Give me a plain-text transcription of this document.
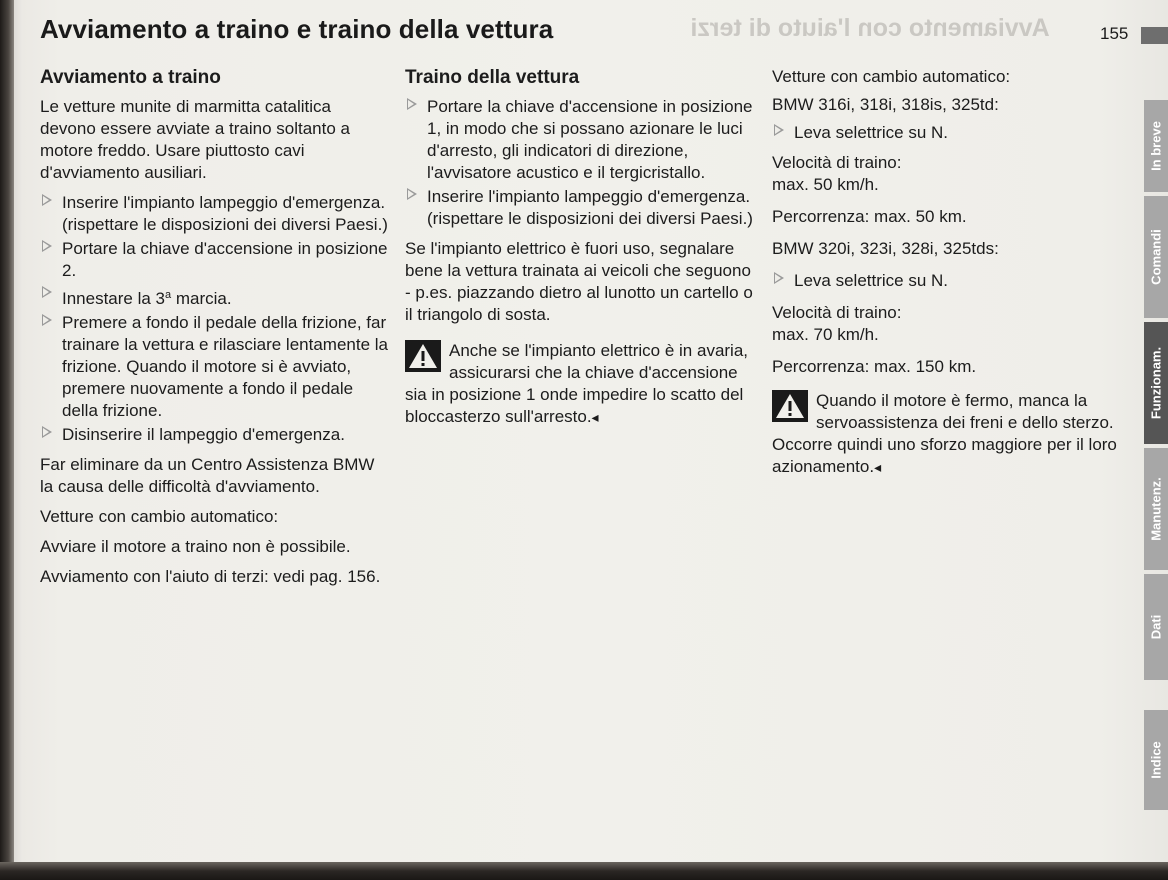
Avviamento con l'aiuto di terzi
Avviamento a traino e traino della vettura	155
Avviamento a traino

Le vetture munite di marmitta catalitica devono essere avviate a traino soltanto a motore freddo. Usare piuttosto cavi d'avviamento ausiliari.

Inserire l'impianto lampeggio d'emergenza. (rispettare le disposizioni dei diversi Paesi.)
Portare la chiave d'accensione in posizione 2.
Innestare la 3$^a$ marcia.
Premere a fondo il pedale della frizione, far trainare la vettura e rilasciare lentamente la frizione. Quando il motore si è avviato, premere nuovamente a fondo il pedale della frizione.
Disinserire il lampeggio d'emergenza.

Far eliminare da un Centro Assistenza BMW la causa delle difficoltà d'avviamento.

Vetture con cambio automatico:

Avviare il motore a traino non è possibile.

Avviamento con l'aiuto di terzi: vedi pag. 156.

Traino della vettura
Portare la chiave d'accensione in posizione 1, in modo che si possano azionare le luci d'arresto, gli indicatori di direzione, l'avvisatore acustico e il tergicristallo.
Inserire l'impianto lampeggio d'emergenza. (rispettare le disposizioni dei diversi Paesi.)

Se l'impianto elettrico è fuori uso, segnalare bene la vettura trainata ai veicoli che seguono - p.es. piazzando dietro al lunotto un cartello o il triangolo di sosta.

Anche se l'impianto elettrico è in avaria, assicurarsi che la chiave d'accensione sia in posizione 1 onde impedire lo scatto del bloccasterzo sull'arresto.◂

Vetture con cambio automatico:

BMW 316i, 318i, 318is, 325td:

Leva selettrice su N.

Velocità di traino:

max. 50 km/h.

Percorrenza: max. 50 km.

BMW 320i, 323i, 328i, 325tds:

Leva selettrice su N.

Velocità di traino:

max. 70 km/h.

Percorrenza: max. 150 km.

Quando il motore è fermo, manca la servoassistenza dei freni e dello sterzo. Occorre quindi uno sforzo maggiore per il loro azionamento.◂
In breve
Comandi
Funzionam.
Manutenz.
Dati
Indice
